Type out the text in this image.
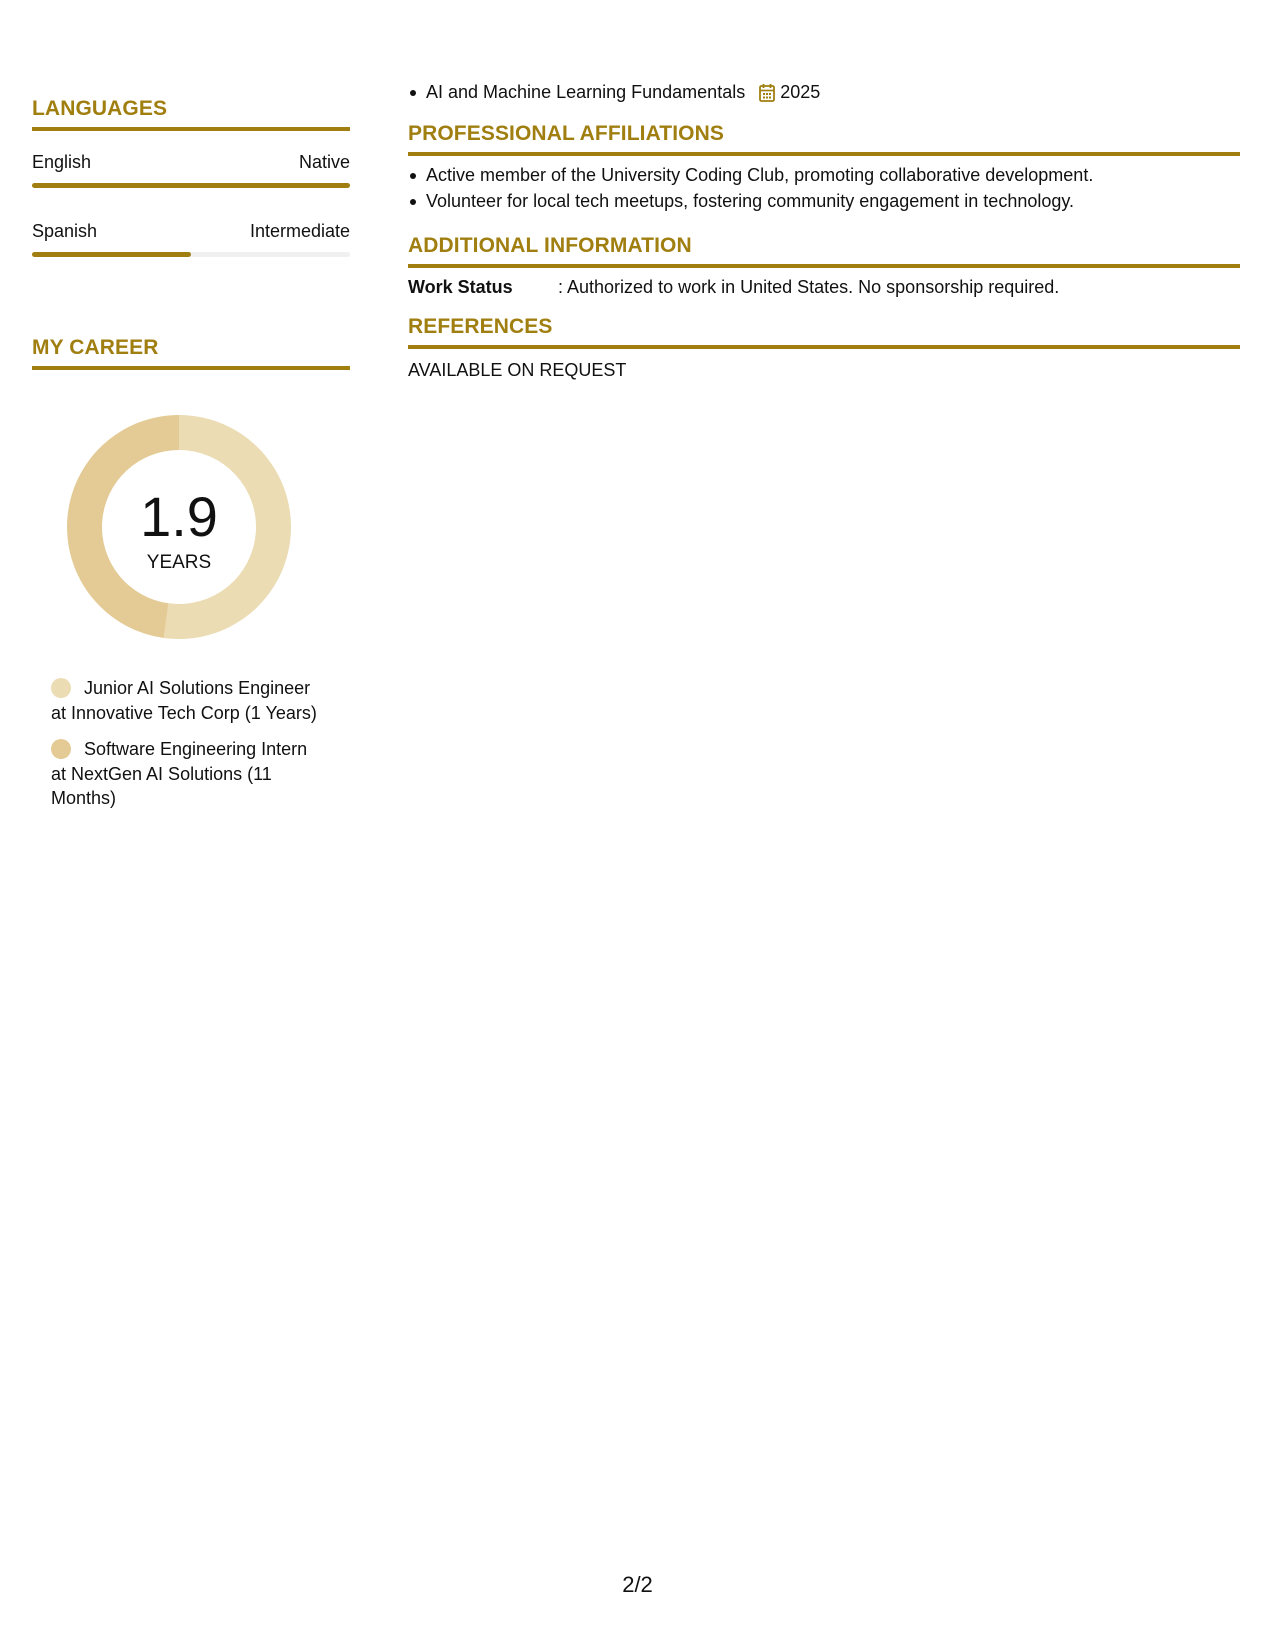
LANGUAGES
English	Native
Spanish	Intermediate
MY CAREER
1.9
YEARS
Junior AI Solutions Engineer at Innovative Tech Corp (1 Years)
Software Engineering Intern at NextGen AI Solutions (11 Months)
AI and Machine Learning Fundamentals 2025
PROFESSIONAL AFFILIATIONS
Active member of the University Coding Club, promoting collaborative development.
Volunteer for local tech meetups, fostering community engagement in technology.
ADDITIONAL INFORMATION
Work Status	: Authorized to work in United States. No sponsorship required.
REFERENCES
AVAILABLE ON REQUEST
2/2
